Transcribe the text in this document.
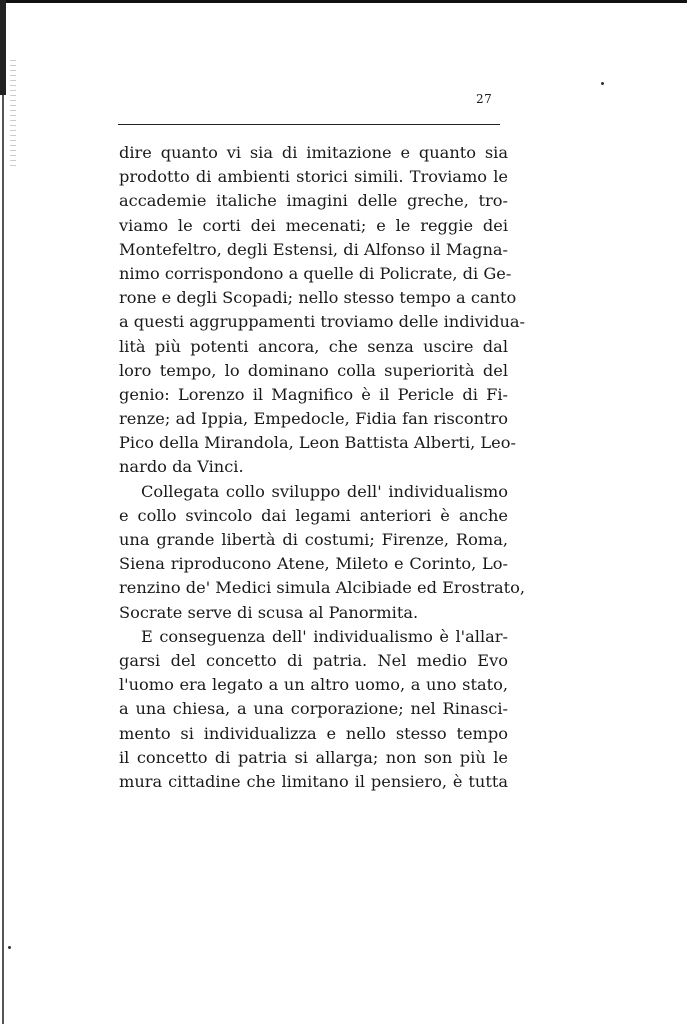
27
dire quanto vi sia di imitazione e quanto sia
prodotto di ambienti storici simili. Troviamo le
accademie italiche imagini delle greche, tro-
viamo le corti dei mecenati; e le reggie dei
Montefeltro, degli Estensi, di Alfonso il Magna-
nimo corrispondono a quelle di Policrate, di Ge-
rone e degli Scopadi; nello stesso tempo a canto
a questi aggruppamenti troviamo delle individua-
lità più potenti ancora, che senza uscire dal
loro tempo, lo dominano colla superiorità del
genio: Lorenzo il Magnifico è il Pericle di Fi-
renze; ad Ippia, Empedocle, Fidia fan riscontro
Pico della Mirandola, Leon Battista Alberti, Leo-
nardo da Vinci.
Collegata collo sviluppo dell' individualismo
e collo svincolo dai legami anteriori è anche
una grande libertà di costumi; Firenze, Roma,
Siena riproducono Atene, Mileto e Corinto, Lo-
renzino de' Medici simula Alcibiade ed Erostrato,
Socrate serve di scusa al Panormita.
E conseguenza dell' individualismo è l'allar-
garsi del concetto di patria. Nel medio Evo
l'uomo era legato a un altro uomo, a uno stato,
a una chiesa, a una corporazione; nel Rinasci-
mento si individualizza e nello stesso tempo
il concetto di patria si allarga; non son più le
mura cittadine che limitano il pensiero, è tutta
